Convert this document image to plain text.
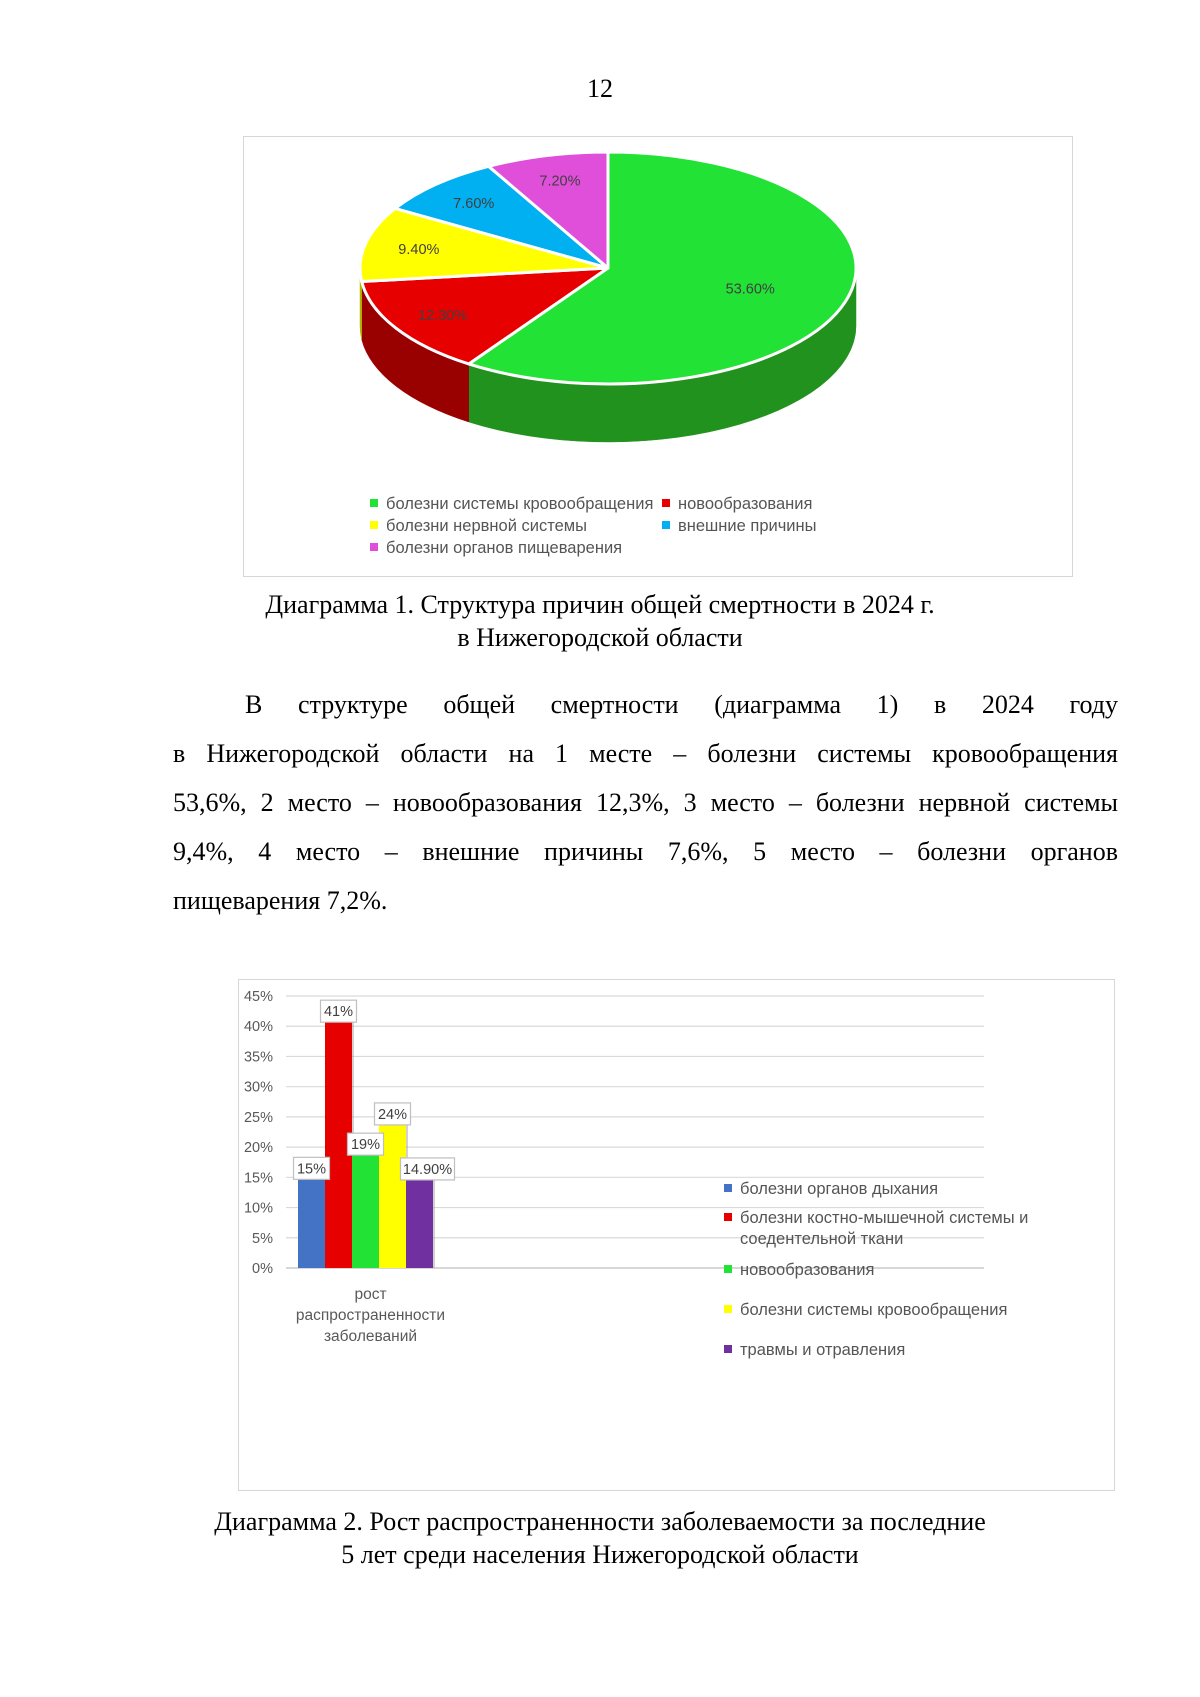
12
53.60%
12.30%
9.40%
7.60%
7.20%
болезни системы кровообращения	новообразования
болезни нервной системы	внешние причины
болезни органов пищеварения
Диаграмма 1. Структура причин общей смертности в 2024 г.
в Нижегородской области
В структуре общей смертности (диаграмма 1) в 2024 году
в Нижегородской области на 1 месте – болезни системы кровообращения
53,6%, 2 место – новообразования 12,3%, 3 место – болезни нервной системы
9,4%, 4 место – внешние причины 7,6%, 5 место – болезни органов
пищеварения 7,2%.
0%
5%
10%
15%
20%
25%
30%
35%
40%
45%
15%
41%
19%
24%
14.90%
рост
распространенности
заболеваний
болезни органов дыхания
болезни костно-мышечной системы и
соедентельной ткани
новообразования
болезни системы кровообращения
травмы и отравления
Диаграмма 2. Рост распространенности заболеваемости за последние
5 лет среди населения Нижегородской области
